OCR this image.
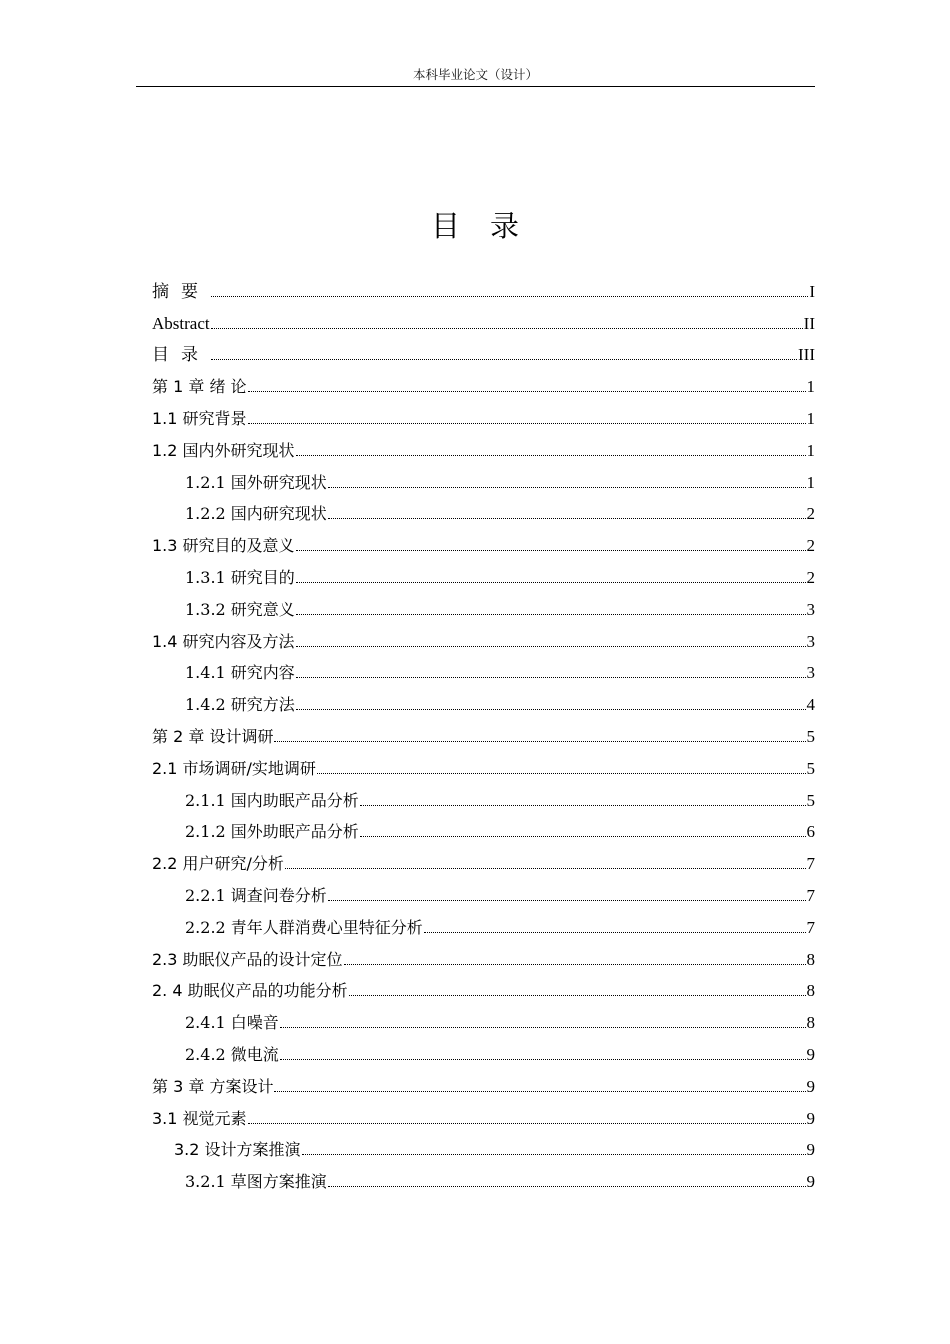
本科毕业论文（设计）
目录
摘要	I
Abstract	II
目录	III
第 1 章 绪 论	1
1.1 研究背景	1
1.2 国内外研究现状	1
1.2.1 国外研究现状	1
1.2.2 国内研究现状	2
1.3 研究目的及意义	2
1.3.1 研究目的	2
1.3.2 研究意义	3
1.4 研究内容及方法	3
1.4.1 研究内容	3
1.4.2 研究方法	4
第 2 章 设计调研	5
2.1 市场调研/实地调研	5
2.1.1 国内助眠产品分析	5
2.1.2 国外助眠产品分析	6
2.2 用户研究/分析	7
2.2.1 调查问卷分析	7
2.2.2 青年人群消费心里特征分析	7
2.3 助眠仪产品的设计定位	8
2. 4 助眠仪产品的功能分析	8
2.4.1 白噪音	8
2.4.2 微电流	9
第 3 章 方案设计	9
3.1 视觉元素	9
3.2 设计方案推演	9
3.2.1 草图方案推演	9
